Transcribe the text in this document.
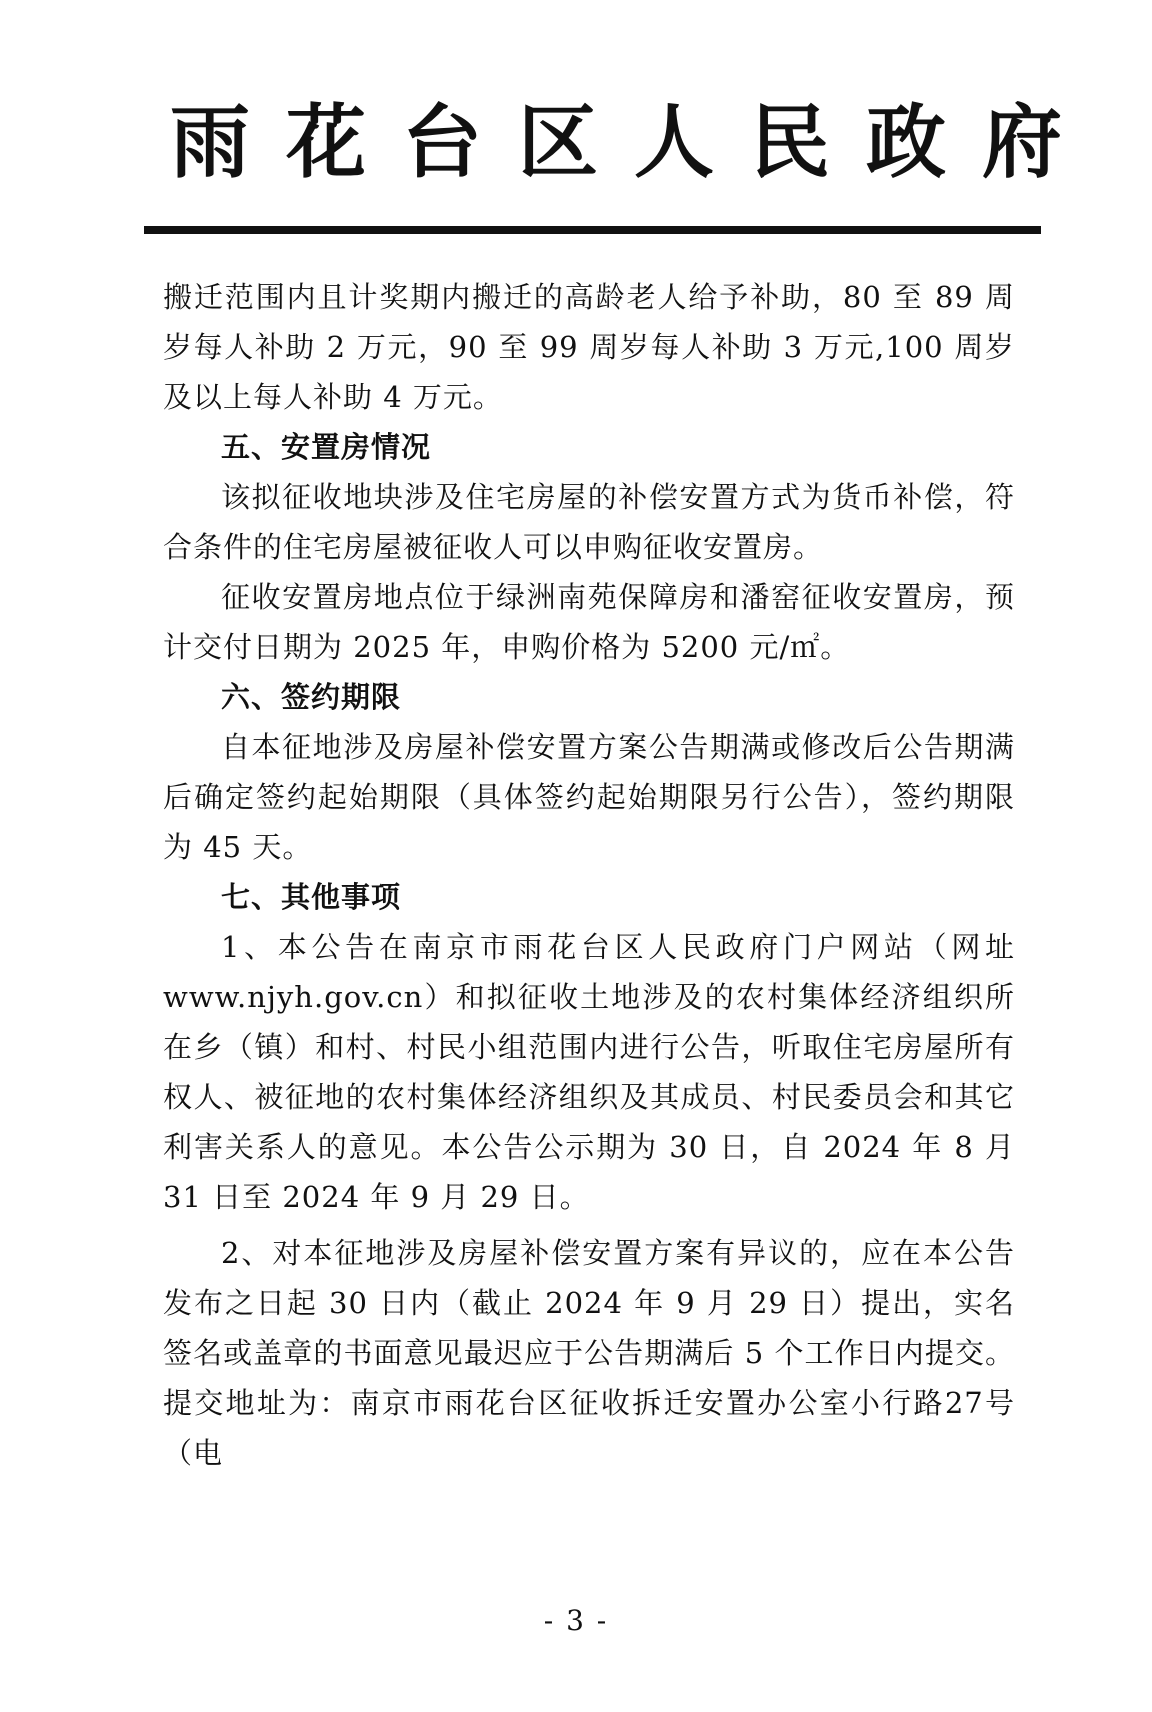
雨花台区人民政府

搬迁范围内且计奖期内搬迁的高龄老人给予补助，80 至 89 周岁每人补助 2 万元，90 至 99 周岁每人补助 3 万元,100 周岁及以上每人补助 4 万元。

五、安置房情况

该拟征收地块涉及住宅房屋的补偿安置方式为货币补偿，符合条件的住宅房屋被征收人可以申购征收安置房。

征收安置房地点位于绿洲南苑保障房和潘窑征收安置房，预计交付日期为 2025 年，申购价格为 5200 元/㎡。

六、签约期限

自本征地涉及房屋补偿安置方案公告期满或修改后公告期满后确定签约起始期限（具体签约起始期限另行公告），签约期限为 45 天。

七、其他事项

1、本公告在南京市雨花台区人民政府门户网站（网址www.njyh.gov.cn）和拟征收土地涉及的农村集体经济组织所在乡（镇）和村、村民小组范围内进行公告，听取住宅房屋所有权人、被征地的农村集体经济组织及其成员、村民委员会和其它利害关系人的意见。本公告公示期为 30 日，自 2024 年 8 月 31 日至 2024 年 9 月 29 日。

2、对本征地涉及房屋补偿安置方案有异议的，应在本公告发布之日起 30 日内（截止 2024 年 9 月 29 日）提出，实名签名或盖章的书面意见最迟应于公告期满后 5 个工作日内提交。提交地址为：南京市雨花台区征收拆迁安置办公室小行路27号（电

- 3 -
